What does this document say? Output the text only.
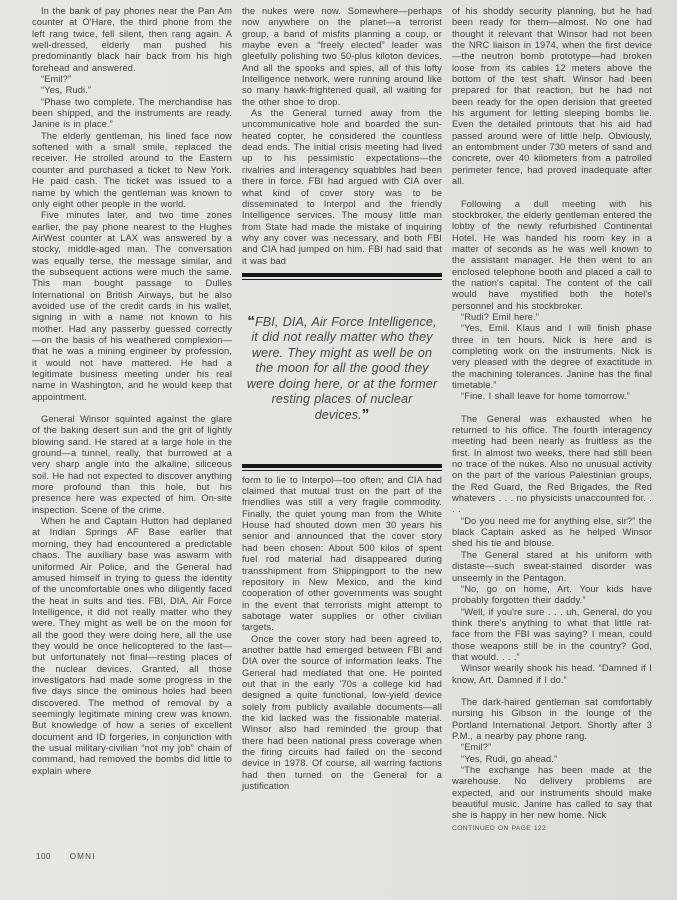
In the bank of pay phones near the Pan Am counter at O'Hare, the third phone from the left rang twice, fell silent, then rang again. A well-dressed, elderly man pushed his predominantly black hair back from his high forehead and answered.

“Emil?”

“Yes, Rudi.”

“Phase two complete. The merchandise has been shipped, and the instruments are ready. Janine is in place.”

The elderly gentleman, his lined face now softened with a small smile, replaced the receiver. He strolled around to the Eastern counter and purchased a ticket to New York. He paid cash. The ticket was issued to a name by which the gentleman was known to only eight other people in the world.

Five minutes later, and two time zones earlier, the pay phone nearest to the Hughes AirWest counter at LAX was answered by a stocky, middle-aged man. The conversation was equally terse, the message similar, and the subsequent actions were much the same. This man bought passage to Dulles International on British Airways, but he also avoided use of the credit cards in his wallet, signing in with a name not known to his mother. Had any passerby guessed correctly—on the basis of his weathered complexion—that he was a mining engineer by profession, it would not have mattered. He had a legitimate business meeting under his real name in Washington, and he would keep that appointment.

General Winsor squinted against the glare of the baking desert sun and the grit of lightly blowing sand. He stared at a large hole in the ground—a tunnel, really, that burrowed at a very sharp angle into the alkaline, siliceous soil. He had not expected to discover anything more profound than this hole, but his presence here was expected of him. On-site inspection. Scene of the crime.

When he and Captain Hutton had deplaned at Indian Springs AF Base earlier that morning, they had encountered a predictable chaos. The auxiliary base was aswarm with uniformed Air Police, and the General had amused himself in trying to guess the identity of the uncomfortable ones who diligently faced the heat in suits and ties. FBI, DIA, Air Force Intelligence, it did not really matter who they were. They might as well be on the moon for all the good they were doing here, all the use they would be once helicoptered to the last—but unfortunately not final—resting places of the nuclear devices. Granted, all those investigators had made some progress in the five days since the ominous holes had been discovered. The method of removal by a seemingly legitimate mining crew was known. But knowledge of how a series of excellent document and ID forgeries, in conjunction with the usual military-civilian “not my job” chain of command, had removed the bombs did little to explain where

the nukes were now. Somewhere—perhaps now anywhere on the planet—a terrorist group, a band of misfits planning a coup, or maybe even a “freely elected” leader was gleefully polishing two 50-plus kiloton devices. And all the spooks and spies, all of this lofty Intelligence network, were running around like so many hawk-frightened quail, all waiting for the other shoe to drop.

As the General turned away from the uncommunicative hole and boarded the sun-heated copter, he considered the countless dead ends. The initial crisis meeting had lived up to his pessimistic expectations—the rivalries and interagency squabbles had been there in force. FBI had argued with CIA over what kind of cover story was to be disseminated to Interpol and the friendly Intelligence services. The mousy little man from State had made the mistake of inquiring why any cover was necessary, and both FBI and CIA had jumped on him. FBI had said that it was bad

“FBI, DIA, Air Force Intelligence, it did not really matter who they were. They might as well be on the moon for all the good they were doing here, or at the former resting places of nuclear devices.”

form to lie to Interpol—too often; and CIA had claimed that mutual trust on the part of the friendlies was still a very fragile commodity. Finally, the quiet young man from the White House had shouted down men 30 years his senior and announced that the cover story had been chosen: About 500 kilos of spent fuel rod material had disappeared during transshipment from Shippingport to the new repository in New Mexico, and the kind cooperation of other governments was sought in the event that terrorists might attempt to sabotage water supplies or other civilian targets.

Once the cover story had been agreed to, another battle had emerged between FBI and DIA over the source of information leaks. The General had mediated that one. He pointed out that in the early '70s a college kid had designed a quite functional, low-yield device solely from publicly available documents—all the kid lacked was the fissionable material. Winsor also had reminded the group that there had been national press coverage when the firing circuits had failed on the second device in 1978. Of course, all warring factions had then turned on the General for a justification

of his shoddy security planning, but he had been ready for them—almost. No one had thought it relevant that Winsor had not been the NRC liaison in 1974, when the first device—the neutron bomb prototype—had broken loose from its cables 12 meters above the bottom of the test shaft. Winsor had been prepared for that reaction, but he had not been ready for the open derision that greeted his argument for letting sleeping bombs lie. Even the detailed printouts that his aid had passed around were of little help. Obviously, an entombment under 730 meters of sand and concrete, over 40 kilometers from a patrolled perimeter fence, had proved inadequate after all.

Following a dull meeting with his stockbroker, the elderly gentleman entered the lobby of the newly refurbished Continental Hotel. He was handed his room key in a matter of seconds as he was well known to the assistant manager. He then went to an enclosed telephone booth and placed a call to the nation's capital. The content of the call would have mystified both the hotel's personnel and his stockbroker.

“Rudi? Emil here.”

“Yes, Emil. Klaus and I will finish phase three in ten hours. Nick is here and is completing work on the instruments. Nick is very pleased with the degree of exactitude in the machining tolerances. Janine has the final timetable.”

“Fine. I shall leave for home tomorrow.”

The General was exhausted when he returned to his office. The fourth interagency meeting had been nearly as fruitless as the first. In almost two weeks, there had still been no trace of the nukes. Also no unusual activity on the part of the various Palestinian groups, the Red Guard, the Red Brigades, the Red whatevers . . . no physicists unaccounted for. . . .

“Do you need me for anything else, sir?” the black Captain asked as he helped Winsor shed his tie and blouse.

The General stared at his uniform with distaste—such sweat-stained disorder was unseemly in the Pentagon.

“No, go on home, Art. Your kids have probably forgotten their daddy.”

“Well, if you're sure . . . uh, General, do you think there's anything to what that little rat-face from the FBI was saying? I mean, could those weapons still be in the country? God, that would. . . .”

Winsor wearily shook his head. “Damned if I know, Art. Damned if I do.”

The dark-haired gentleman sat comfortably nursing his Gibson in the lounge of the Portland International Jetport. Shortly after 3 P.M., a nearby pay phone rang.

“Emil?”

“Yes, Rudi, go ahead.”

“The exchange has been made at the warehouse. No delivery problems are expected, and our instruments should make beautiful music. Janine has called to say that she is happy in her new home. Nick

CONTINUED ON PAGE 122

100 OMNI
